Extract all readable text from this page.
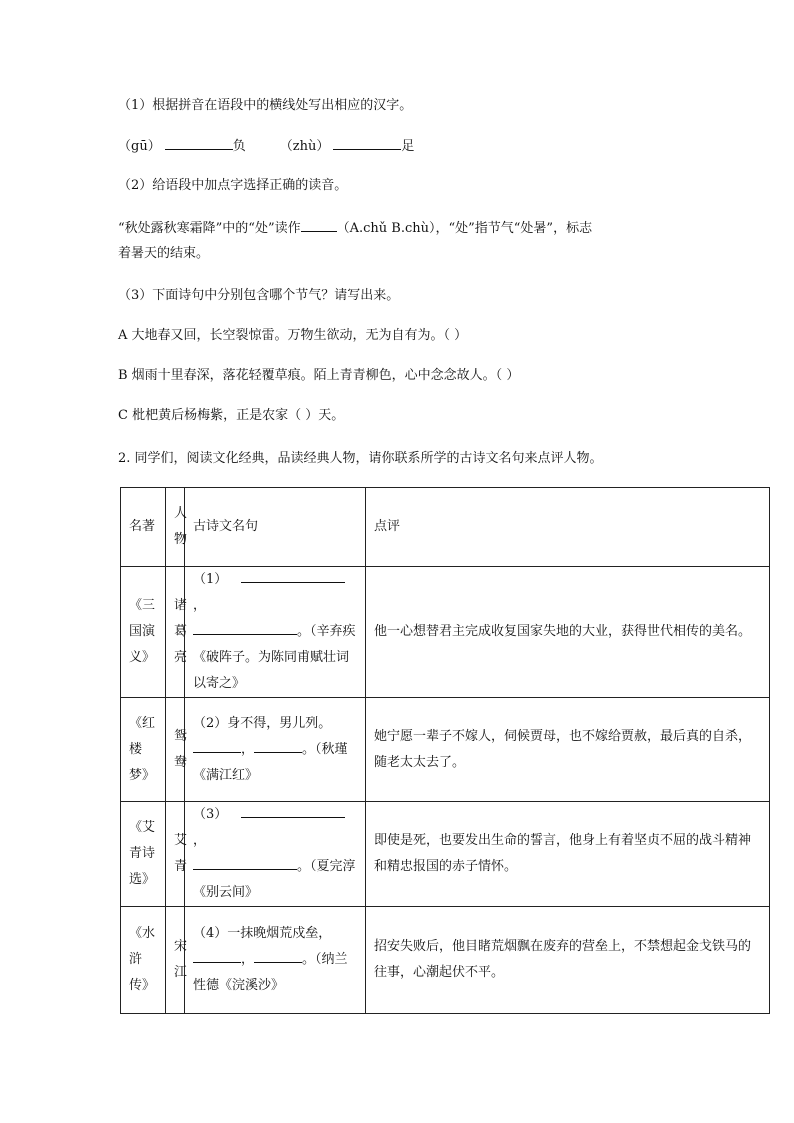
（1）根据拼音在语段中的横线处写出相应的汉字。
（gū）	负	（zhù）	足
（2）给语段中加点字选择正确的读音。
“秋处露秋寒霜降”中的“处”读作	（A.chǔ B.chù），“处”指节气“处暑”，标志
着暑天的结束。
（3）下面诗句中分别包含哪个节气？请写出来。
A 大地春又回，长空裂惊雷。万物生欲动，无为自有为。（ ）
B 烟雨十里春深，落花轻覆草痕。陌上青青柳色，心中念念故人。（ ）
C 枇杷黄后杨梅紫，正是农家（ ）天。
2. 同学们，阅读文化经典，品读经典人物，请你联系所学的古诗文名句来点评人物。
名著	人物	古诗文名句	点评
《三国演义》	诸葛亮	（1），
。（辛弃疾《破阵子。为陈同甫赋壮词以寄之》	他一心想替君主完成收复国家失地的大业，获得世代相传的美名。
《红楼梦》	鸳鸯	（2）身不得，男儿列。
， 。（秋瑾《满江红》	她宁愿一辈子不嫁人，伺候贾母，也不嫁给贾赦，最后真的自杀，随老太太去了。
《艾青诗选》	艾青	（3），
。（夏完淳《别云间》	即使是死，也要发出生命的誓言，他身上有着坚贞不屈的战斗精神和精忠报国的赤子情怀。
《水浒传》	宋江	（4）一抹晚烟荒戍垒，
， 。（纳兰性德《浣溪沙》	招安失败后，他目睹荒烟飘在废弃的营垒上，不禁想起金戈铁马的往事，心潮起伏不平。
